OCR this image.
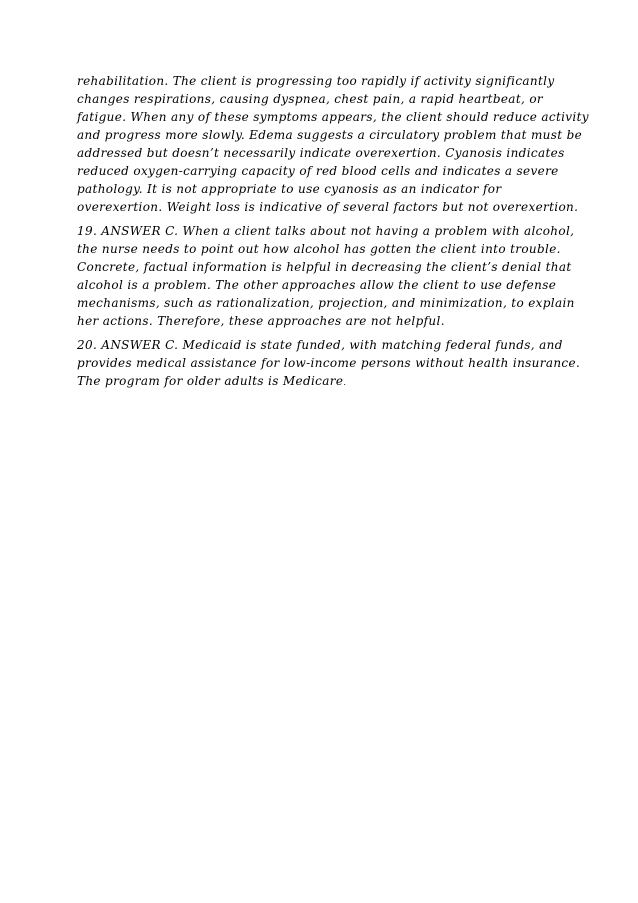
rehabilitation. The client is progressing too rapidly if activity significantly
changes respirations, causing dyspnea, chest pain, a rapid heartbeat, or
fatigue. When any of these symptoms appears, the client should reduce activity
and progress more slowly. Edema suggests a circulatory problem that must be
addressed but doesn’t necessarily indicate overexertion. Cyanosis indicates
reduced oxygen-carrying capacity of red blood cells and indicates a severe
pathology. It is not appropriate to use cyanosis as an indicator for
overexertion. Weight loss is indicative of several factors but not overexertion.

19. ANSWER C. When a client talks about not having a problem with alcohol,
the nurse needs to point out how alcohol has gotten the client into trouble.
Concrete, factual information is helpful in decreasing the client’s denial that
alcohol is a problem. The other approaches allow the client to use defense
mechanisms, such as rationalization, projection, and minimization, to explain
her actions. Therefore, these approaches are not helpful.

20. ANSWER C. Medicaid is state funded, with matching federal funds, and
provides medical assistance for low-income persons without health insurance.
The program for older adults is Medicare.
